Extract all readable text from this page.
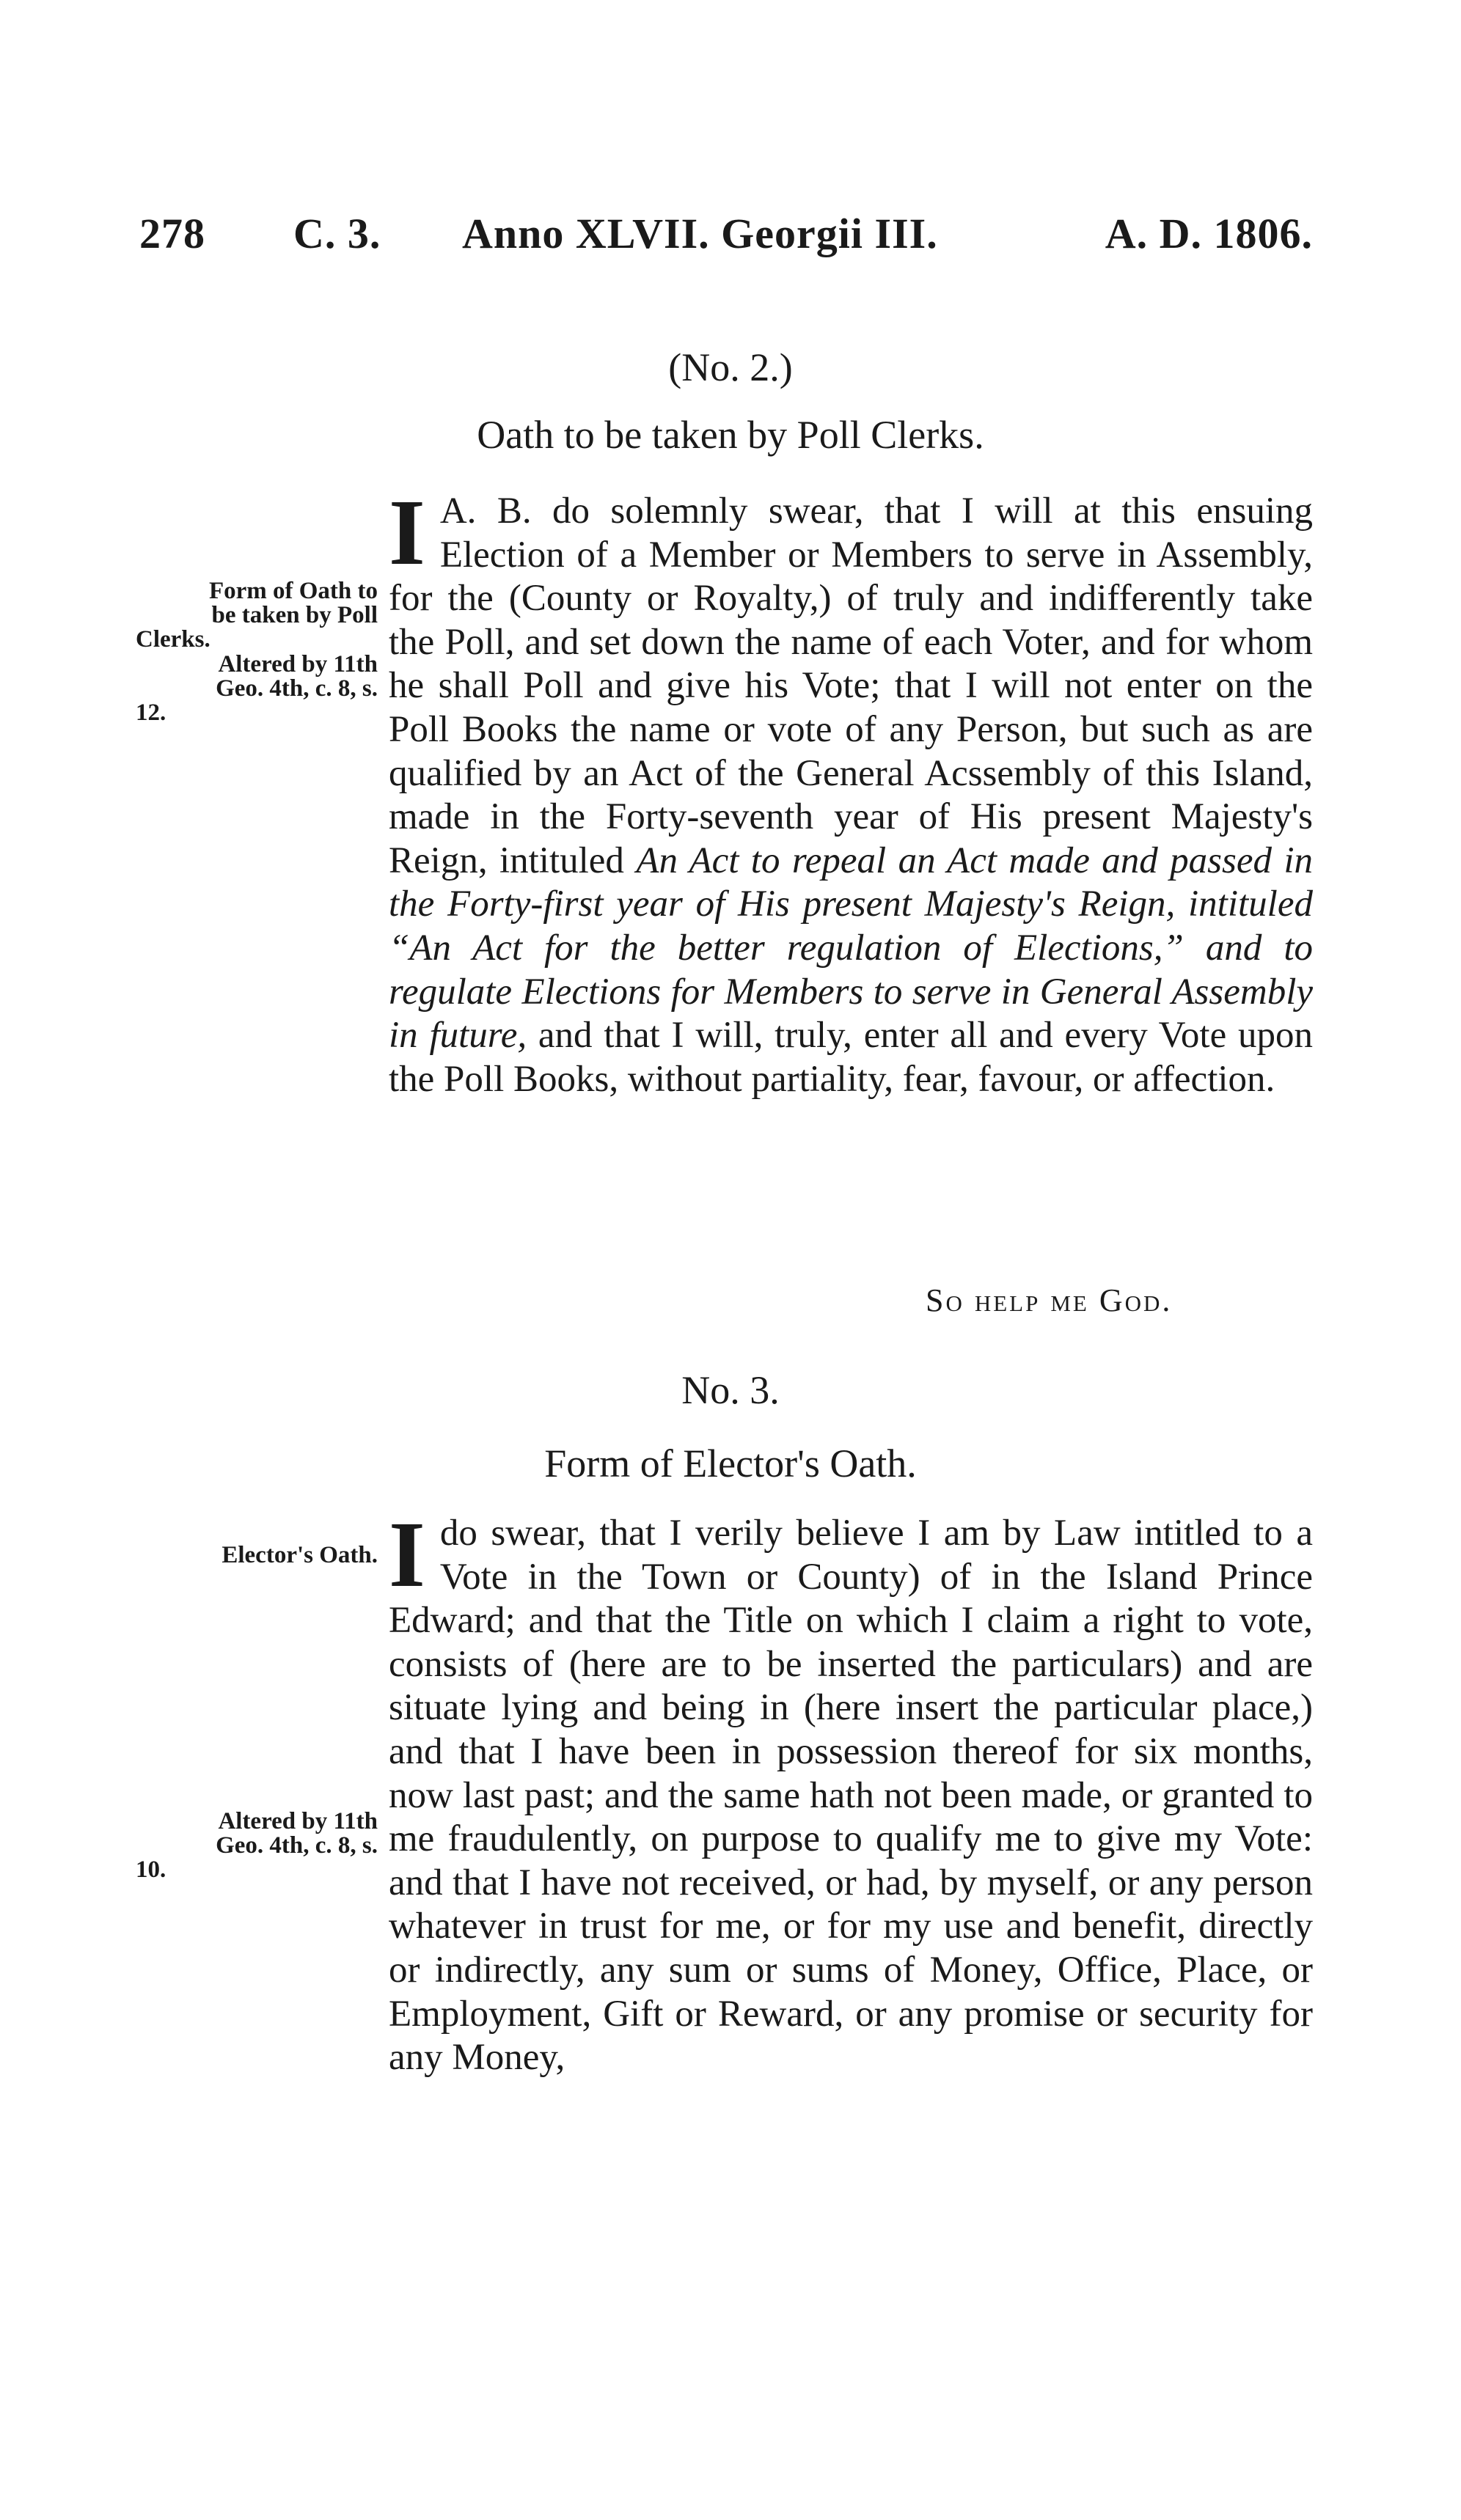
278 C. 3. Anno XLVII. Georgii III.	A. D. 1806.
(No. 2.)
Oath to be taken by Poll Clerks.

I A. B. do solemnly swear, that I will at this ensuing Election of a Member or Members to serve in Assembly, for the (County or Royalty,) of truly and indifferently take the Poll, and set down the name of each Voter, and for whom he shall Poll and give his Vote; that I will not enter on the Poll Books the name or vote of any Person, but such as are qualified by an Act of the General Acssembly of this Island, made in the Forty-seventh year of His present Majesty's Reign, intituled An Act to repeal an Act made and passed in the Forty-first year of His present Majesty's Reign, intituled “An Act for the better regulation of Elections,” and to regulate Elections for Members to serve in General Assembly in future, and that I will, truly, enter all and every Vote upon the Poll Books, without partiality, fear, favour, or affection.

So help me God.
Form of Oath to
be taken by Poll
Clerks.
Altered by 11th
Geo. 4th, c. 8, s.
12.
No. 3.
Form of Elector's Oath.

I do swear, that I verily believe I am by Law intitled to a Vote in the Town or County) of in the Island Prince Edward; and that the Title on which I claim a right to vote, consists of (here are to be inserted the particulars) and are situate lying and being in (here insert the particular place,) and that I have been in possession thereof for six months, now last past; and the same hath not been made, or granted to me fraudulently, on purpose to qualify me to give my Vote: and that I have not received, or had, by myself, or any person whatever in trust for me, or for my use and benefit, directly or indirectly, any sum or sums of Money, Office, Place, or Employment, Gift or Reward, or any promise or security for any Money,

Elector's Oath.
Altered by 11th
Geo. 4th, c. 8, s.
10.
